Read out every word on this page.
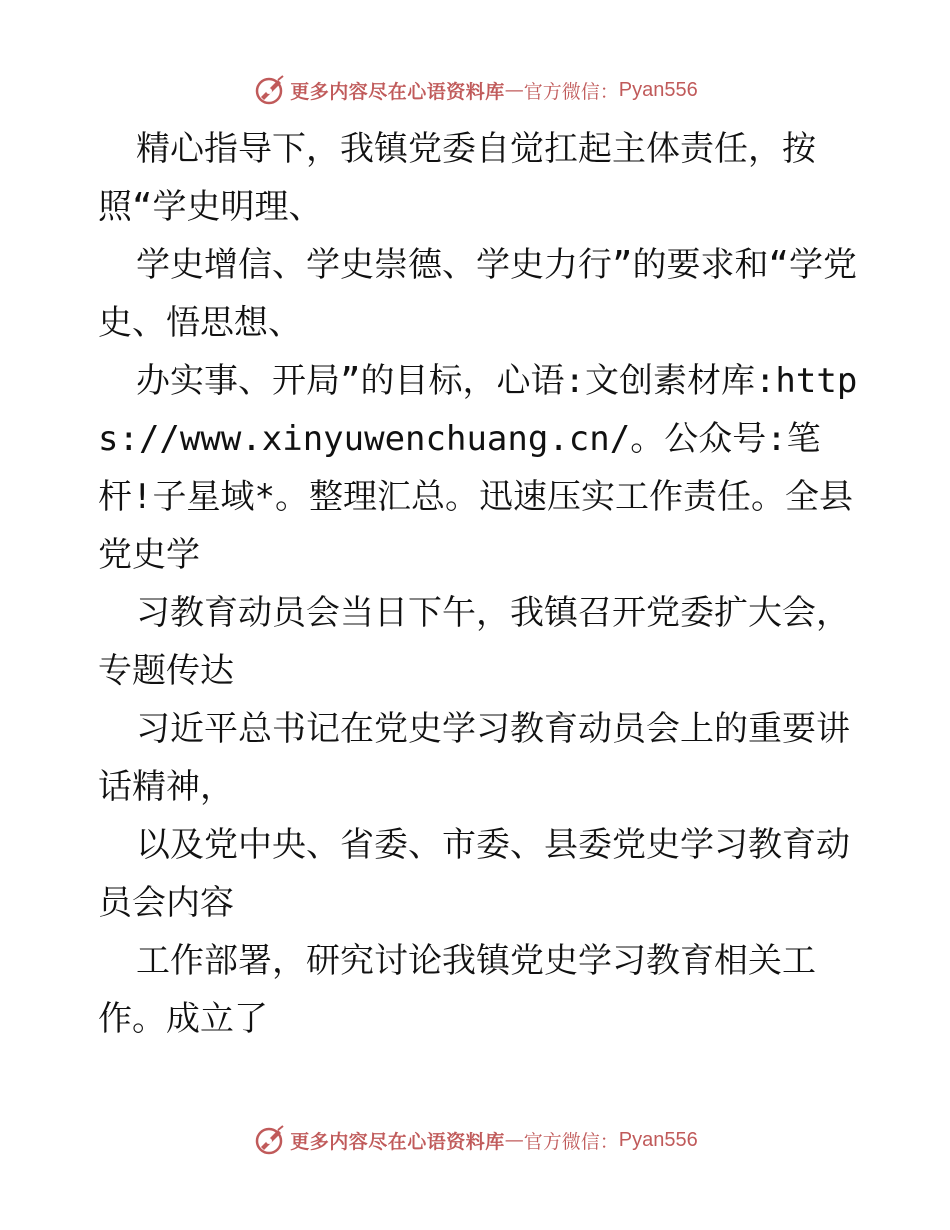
更多内容尽在心语资料库 — 官方微信： Pyan556

精心指导下，我镇党委自觉扛起主体责任，按照“学史明理、

学史增信、学史崇德、学史力行”的要求和“学党史、悟思想、

办实事、开局”的目标，心语:文创素材库:https://www.xinyuwenchuang.cn/。公众号:笔杆!子星域*。整理汇总。迅速压实工作责任。全县党史学

习教育动员会当日下午，我镇召开党委扩大会，专题传达

习近平总书记在党史学习教育动员会上的重要讲话精神，

以及党中央、省委、市委、县委党史学习教育动员会内容

工作部署，研究讨论我镇党史学习教育相关工作。成立了

更多内容尽在心语资料库 — 官方微信： Pyan556
